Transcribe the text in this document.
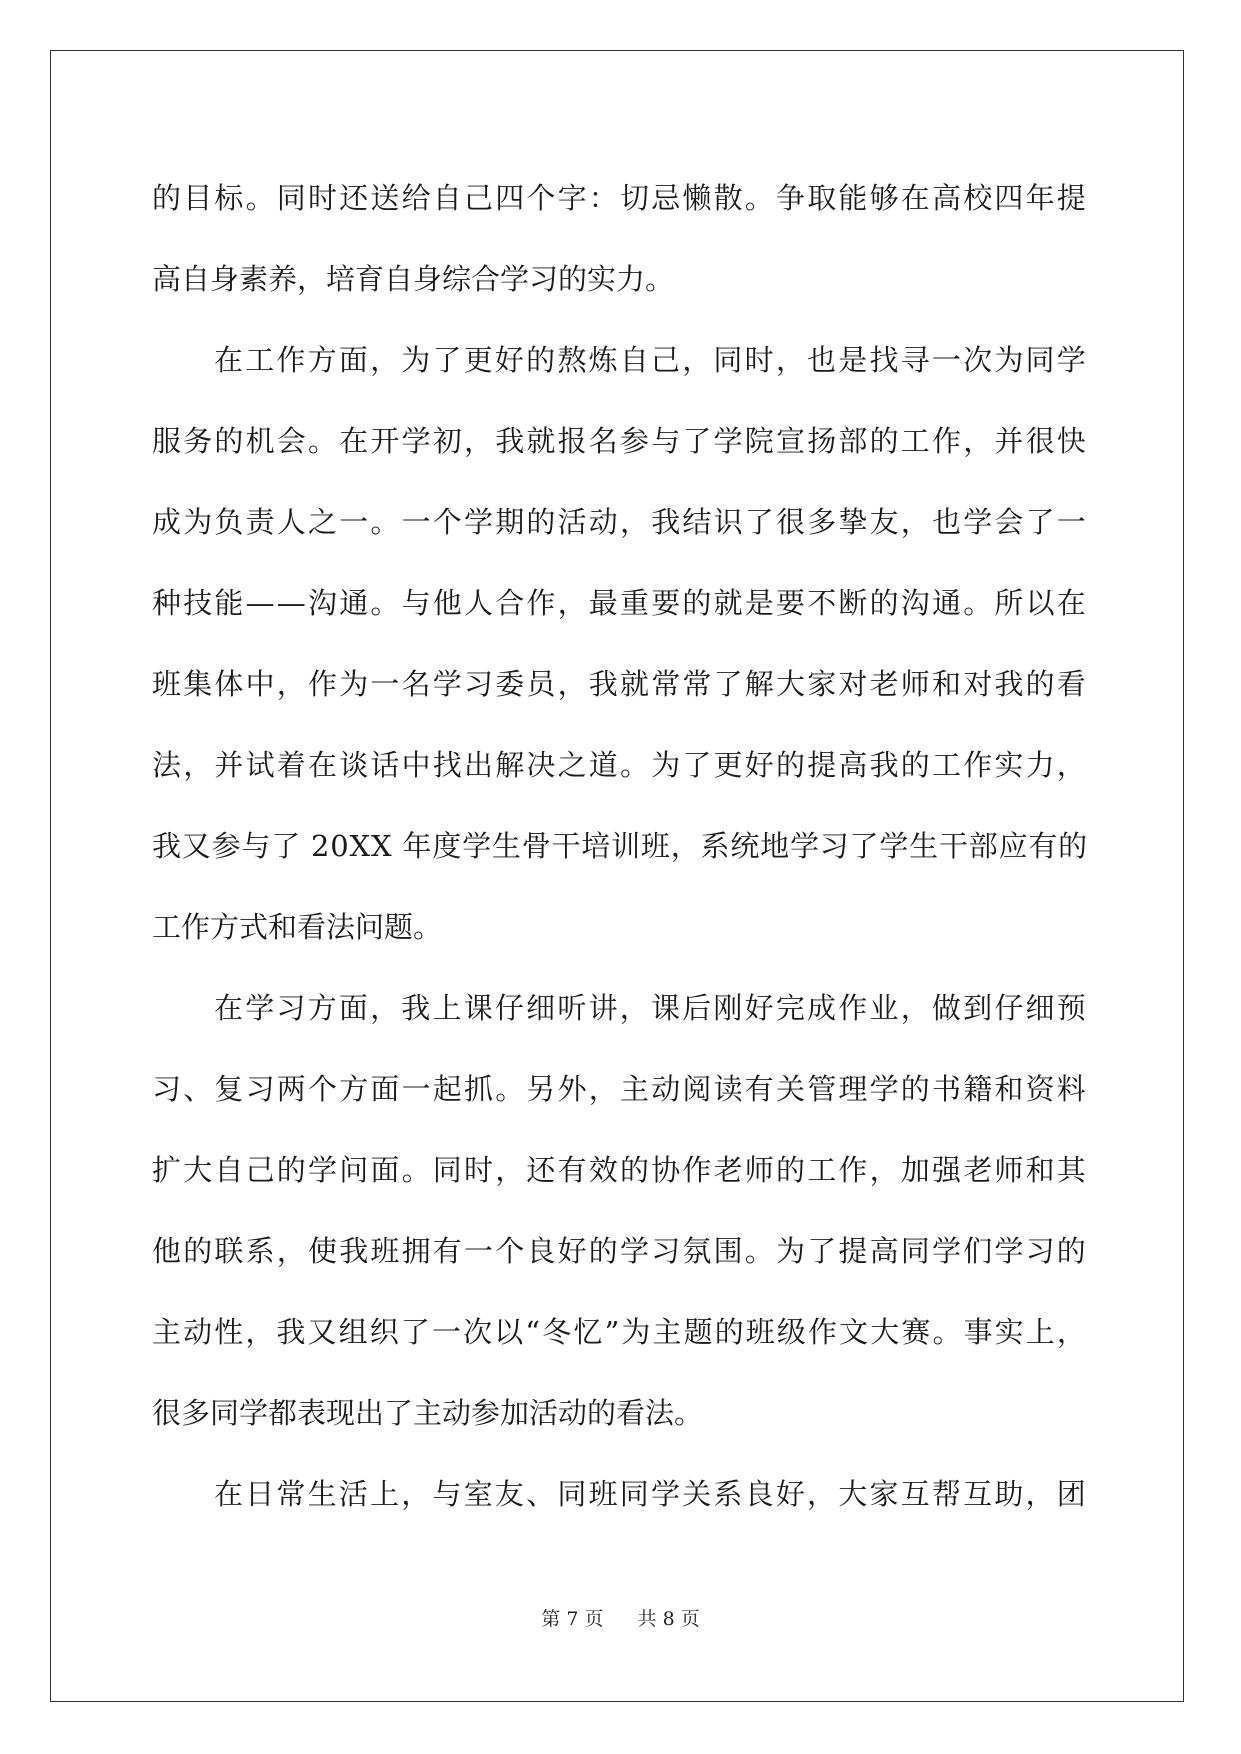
的目标。同时还送给自己四个字：切忌懒散。争取能够在高校四年提
高自身素养，培育自身综合学习的实力。
在工作方面，为了更好的熬炼自己，同时，也是找寻一次为同学
服务的机会。在开学初，我就报名参与了学院宣扬部的工作，并很快
成为负责人之一。一个学期的活动，我结识了很多挚友，也学会了一
种技能——沟通。与他人合作，最重要的就是要不断的沟通。所以在
班集体中，作为一名学习委员，我就常常了解大家对老师和对我的看
法，并试着在谈话中找出解决之道。为了更好的提高我的工作实力，
我又参与了 20XX 年度学生骨干培训班，系统地学习了学生干部应有的
工作方式和看法问题。
在学习方面，我上课仔细听讲，课后刚好完成作业，做到仔细预
习、复习两个方面一起抓。另外，主动阅读有关管理学的书籍和资料
扩大自己的学问面。同时，还有效的协作老师的工作，加强老师和其
他的联系，使我班拥有一个良好的学习氛围。为了提高同学们学习的
主动性，我又组织了一次以“冬忆”为主题的班级作文大赛。事实上，
很多同学都表现出了主动参加活动的看法。
在日常生活上，与室友、同班同学关系良好，大家互帮互助，团
第 7 页 共 8 页
